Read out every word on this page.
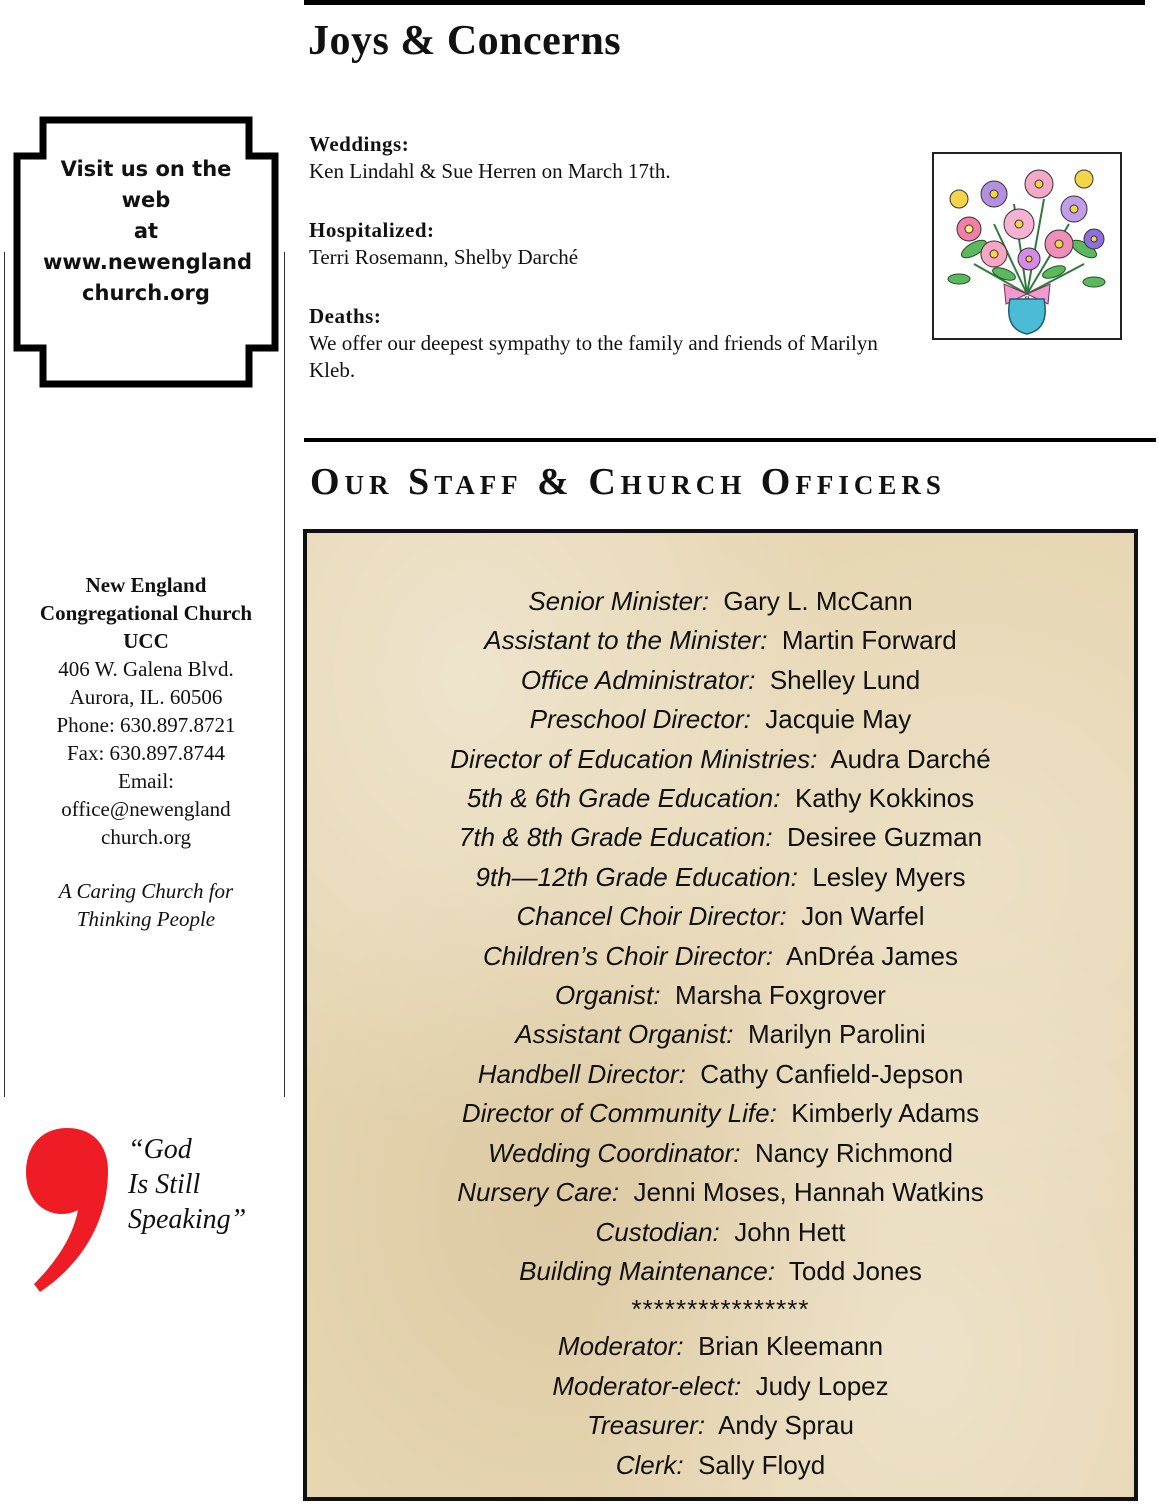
Joys & Concerns
Visit us on the
web
at
www.newengland
church.org
Weddings:
Ken Lindahl & Sue Herren on March 17th.
Hospitalized:
Terri Rosemann, Shelby Darché
Deaths:
We offer our deepest sympathy to the family and friends of Marilyn Kleb.
Our Staff & Church Officers
Senior Minister: Gary L. McCann
Assistant to the Minister: Martin Forward
Office Administrator: Shelley Lund
Preschool Director: Jacquie May
Director of Education Ministries: Audra Darché
5th & 6th Grade Education: Kathy Kokkinos
7th & 8th Grade Education: Desiree Guzman
9th—12th Grade Education: Lesley Myers
Chancel Choir Director: Jon Warfel
Children’s Choir Director: AnDréa James
Organist: Marsha Foxgrover
Assistant Organist: Marilyn Parolini
Handbell Director: Cathy Canfield-Jepson
Director of Community Life: Kimberly Adams
Wedding Coordinator: Nancy Richmond
Nursery Care: Jenni Moses, Hannah Watkins
Custodian: John Hett
Building Maintenance: Todd Jones
****************
Moderator: Brian Kleemann
Moderator-elect: Judy Lopez
Treasurer: Andy Sprau
Clerk: Sally Floyd
New England
Congregational Church
UCC
406 W. Galena Blvd.
Aurora, IL. 60506
Phone: 630.897.8721
Fax: 630.897.8744
Email:
office@newengland
church.org
A Caring Church for
Thinking People
“God
Is Still
Speaking”
